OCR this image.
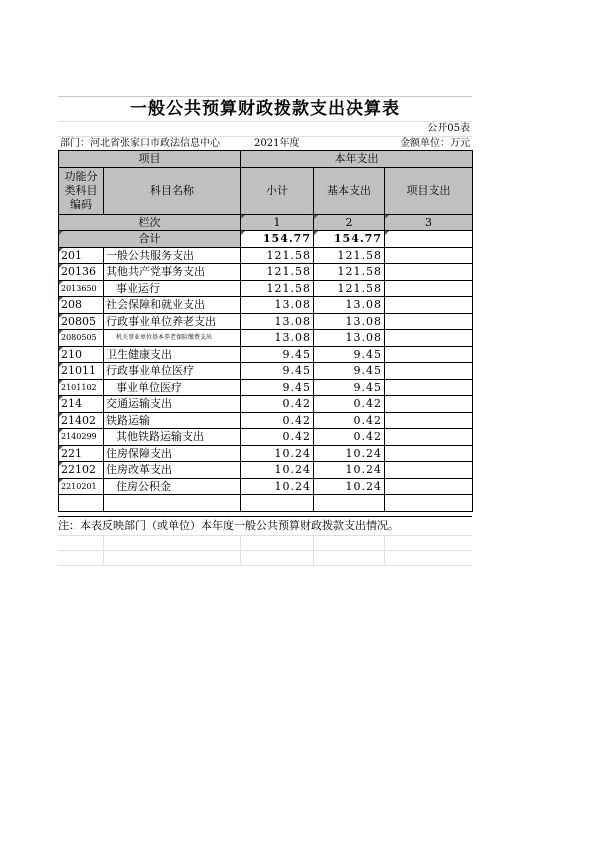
一般公共预算财政拨款支出决算表
公开05表
部门：河北省张家口市政法信息中心	2021年度	金额单位：万元
项目		本年支出		
功能分类科目编码	科目名称	小计	基本支出	项目支出
栏次		1	2	3
合计		154.77	154.77	
201	一般公共服务支出	121.58	121.58	
20136	其他共产党事务支出	121.58	121.58	
2013650	事业运行	121.58	121.58	
208	社会保障和就业支出	13.08	13.08	
20805	行政事业单位养老支出	13.08	13.08	
2080505	机关事业单位基本养老保险缴费支出	13.08	13.08	
210	卫生健康支出	9.45	9.45	
21011	行政事业单位医疗	9.45	9.45	
2101102	事业单位医疗	9.45	9.45	
214	交通运输支出	0.42	0.42	
21402	铁路运输	0.42	0.42	
2140299	其他铁路运输支出	0.42	0.42	
221	住房保障支出	10.24	10.24	
22102	住房改革支出	10.24	10.24	
2210201	住房公积金	10.24	10.24	

注：本表反映部门（或单位）本年度一般公共预算财政拨款支出情况。
